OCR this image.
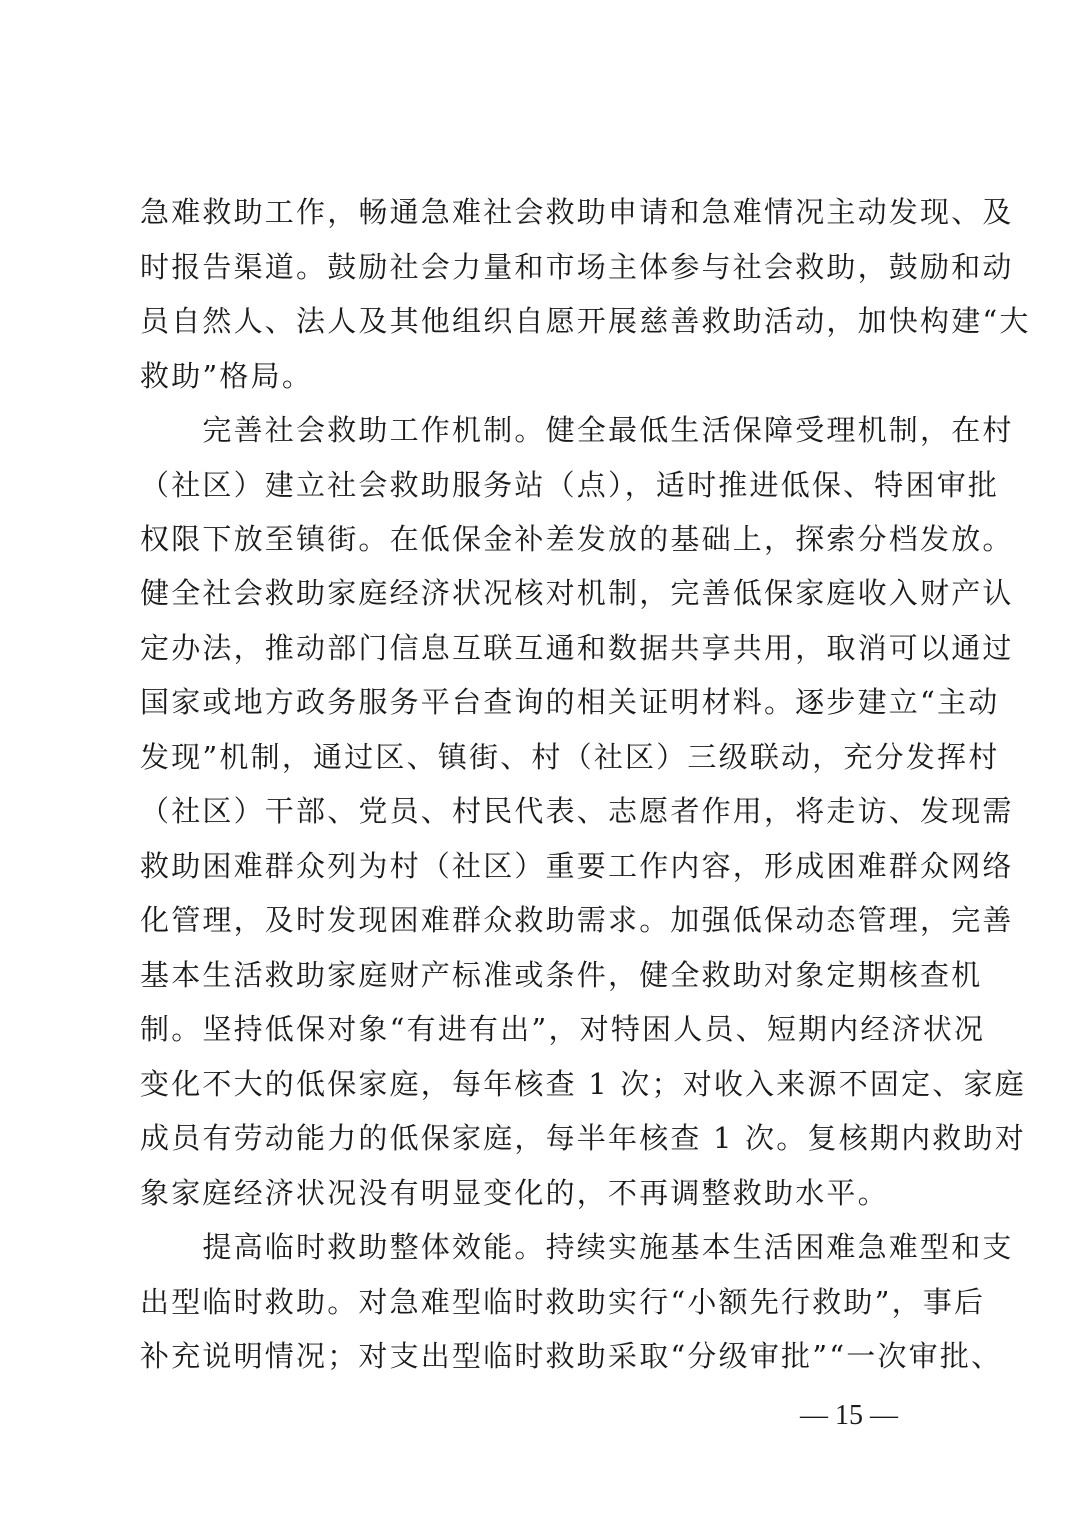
急难救助工作，畅通急难社会救助申请和急难情况主动发现、及
时报告渠道。鼓励社会力量和市场主体参与社会救助，鼓励和动
员自然人、法人及其他组织自愿开展慈善救助活动，加快构建“大
救助”格局。
　　完善社会救助工作机制。健全最低生活保障受理机制，在村
（社区）建立社会救助服务站（点），适时推进低保、特困审批
权限下放至镇街。在低保金补差发放的基础上，探索分档发放。
健全社会救助家庭经济状况核对机制，完善低保家庭收入财产认
定办法，推动部门信息互联互通和数据共享共用，取消可以通过
国家或地方政务服务平台查询的相关证明材料。逐步建立“主动
发现”机制，通过区、镇街、村（社区）三级联动，充分发挥村
（社区）干部、党员、村民代表、志愿者作用，将走访、发现需
救助困难群众列为村（社区）重要工作内容，形成困难群众网络
化管理，及时发现困难群众救助需求。加强低保动态管理，完善
基本生活救助家庭财产标准或条件，健全救助对象定期核查机
制。坚持低保对象“有进有出”，对特困人员、短期内经济状况
变化不大的低保家庭，每年核查 1 次；对收入来源不固定、家庭
成员有劳动能力的低保家庭，每半年核查 1 次。复核期内救助对
象家庭经济状况没有明显变化的，不再调整救助水平。
　　提高临时救助整体效能。持续实施基本生活困难急难型和支
出型临时救助。对急难型临时救助实行“小额先行救助”，事后
补充说明情况；对支出型临时救助采取“分级审批”“一次审批、
— 15 —
